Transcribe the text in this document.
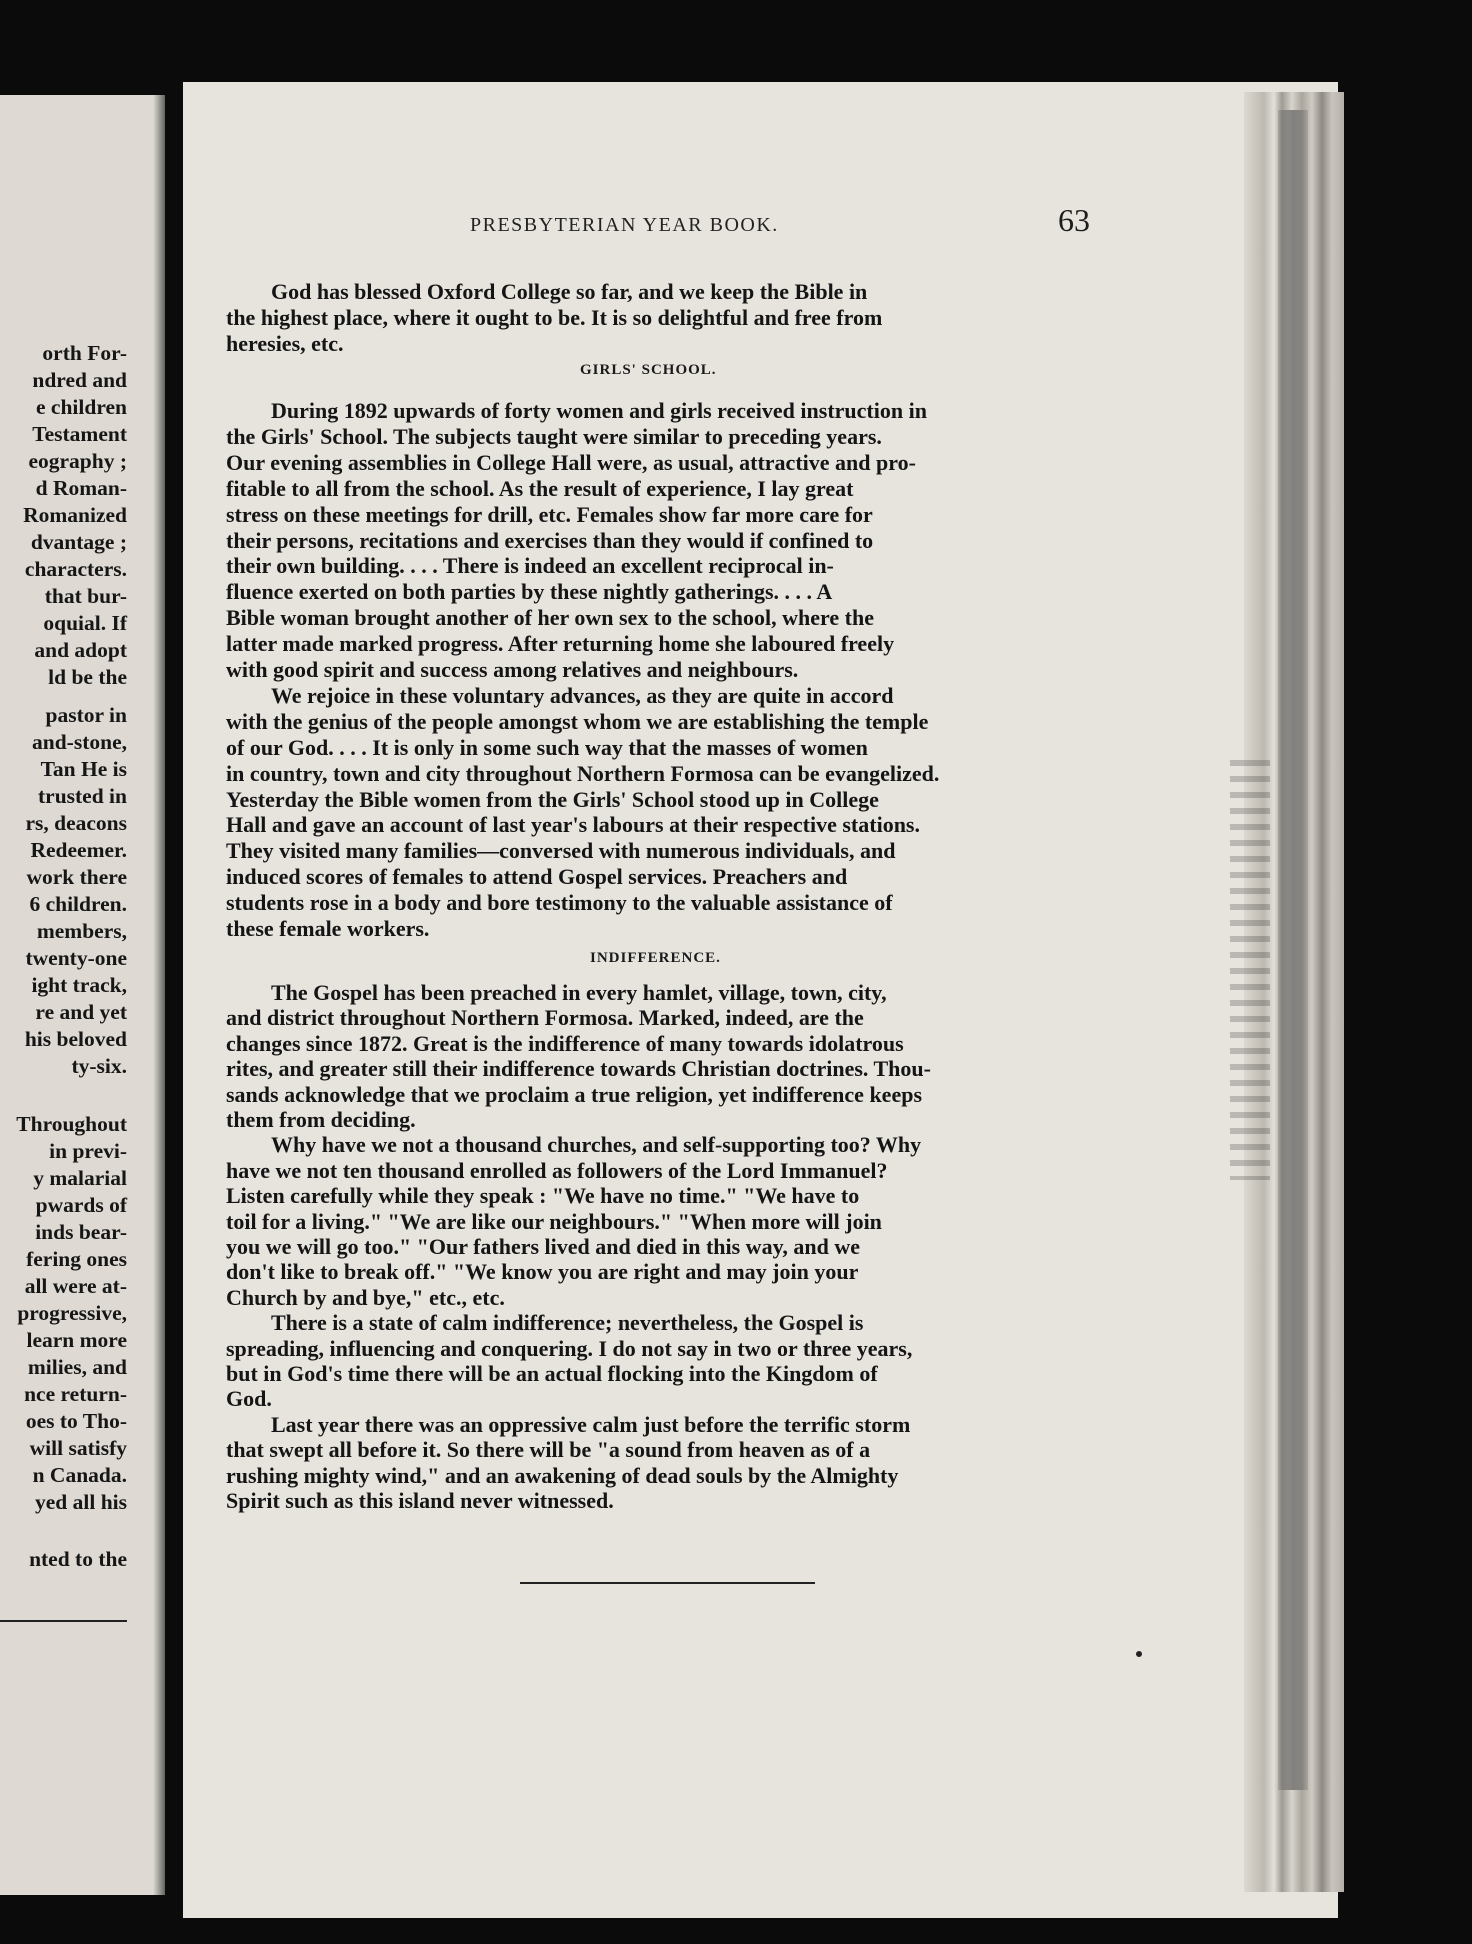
orth For-
ndred and
e children
Testament
eography ;
d Roman-
Romanized
dvantage ;
characters.
that bur-
oquial. If
and adopt
ld be the
pastor in
and-stone,
Tan He is
trusted in
rs, deacons
Redeemer.
work there
6 children.
members,
twenty-one
ight track,
re and yet
his beloved
ty-six.
Throughout
in previ-
y malarial
pwards of
inds bear-
fering ones
all were at-
progressive,
learn more
milies, and
nce return-
oes to Tho-
will satisfy
n Canada.
yed all his
nted to the
PRESBYTERIAN YEAR BOOK.	63
GIRLS' SCHOOL.
INDIFFERENCE.
God has blessed Oxford College so far, and we keep the Bible in
the highest place, where it ought to be. It is so delightful and free from
heresies, etc.
During 1892 upwards of forty women and girls received instruction in
the Girls' School. The subjects taught were similar to preceding years.
Our evening assemblies in College Hall were, as usual, attractive and pro-
fitable to all from the school. As the result of experience, I lay great
stress on these meetings for drill, etc. Females show far more care for
their persons, recitations and exercises than they would if confined to
their own building. . . . There is indeed an excellent reciprocal in-
fluence exerted on both parties by these nightly gatherings. . . . A
Bible woman brought another of her own sex to the school, where the
latter made marked progress. After returning home she laboured freely
with good spirit and success among relatives and neighbours.
We rejoice in these voluntary advances, as they are quite in accord
with the genius of the people amongst whom we are establishing the temple
of our God. . . . It is only in some such way that the masses of women
in country, town and city throughout Northern Formosa can be evangelized.
Yesterday the Bible women from the Girls' School stood up in College
Hall and gave an account of last year's labours at their respective stations.
They visited many families—conversed with numerous individuals, and
induced scores of females to attend Gospel services. Preachers and
students rose in a body and bore testimony to the valuable assistance of
these female workers.
The Gospel has been preached in every hamlet, village, town, city,
and district throughout Northern Formosa. Marked, indeed, are the
changes since 1872. Great is the indifference of many towards idolatrous
rites, and greater still their indifference towards Christian doctrines. Thou-
sands acknowledge that we proclaim a true religion, yet indifference keeps
them from deciding.
Why have we not a thousand churches, and self-supporting too? Why
have we not ten thousand enrolled as followers of the Lord Immanuel?
Listen carefully while they speak : "We have no time." "We have to
toil for a living." "We are like our neighbours." "When more will join
you we will go too." "Our fathers lived and died in this way, and we
don't like to break off." "We know you are right and may join your
Church by and bye," etc., etc.
There is a state of calm indifference; nevertheless, the Gospel is
spreading, influencing and conquering. I do not say in two or three years,
but in God's time there will be an actual flocking into the Kingdom of
God.
Last year there was an oppressive calm just before the terrific storm
that swept all before it. So there will be "a sound from heaven as of a
rushing mighty wind," and an awakening of dead souls by the Almighty
Spirit such as this island never witnessed.
